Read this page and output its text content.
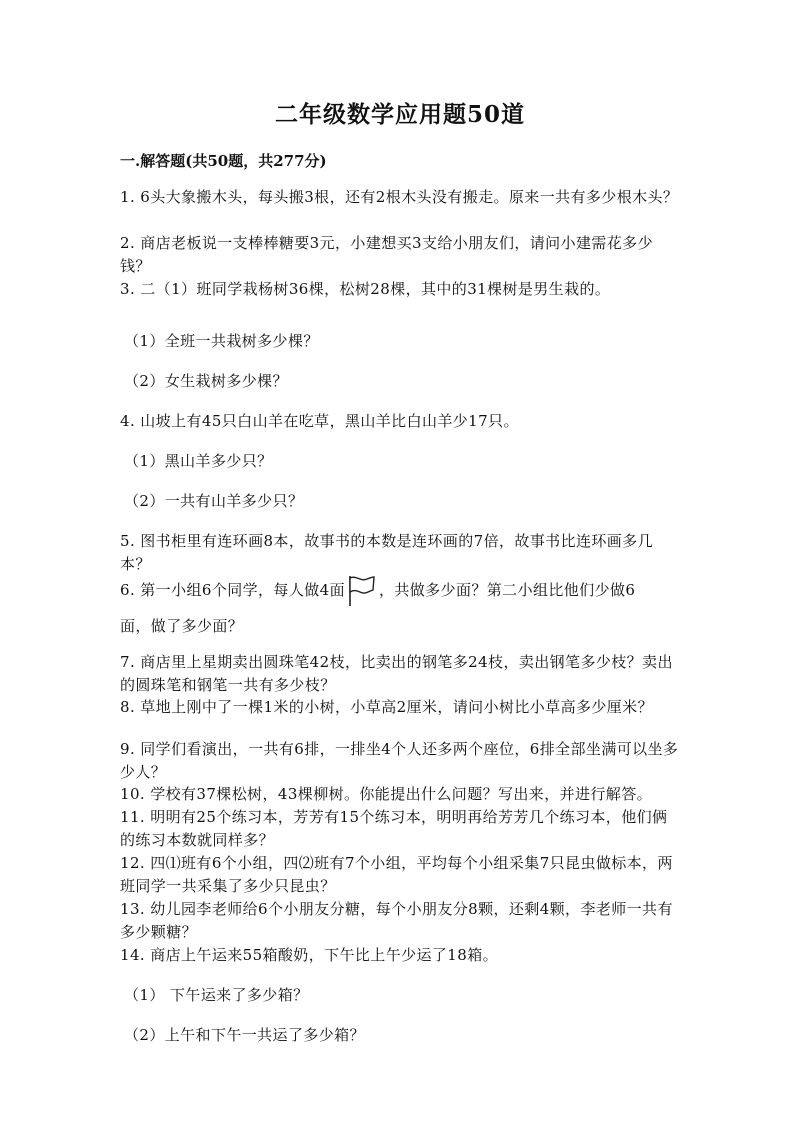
二年级数学应用题50道
一.解答题(共50题，共277分)
1. 6头大象搬木头，每头搬3根，还有2根木头没有搬走。原来一共有多少根木头？
2. 商店老板说一支棒棒糖要3元，小建想买3支给小朋友们，请问小建需花多少钱？
3. 二（1）班同学栽杨树36棵，松树28棵，其中的31棵树是男生栽的。
（1）全班一共栽树多少棵？
（2）女生栽树多少棵？
4. 山坡上有45只白山羊在吃草，黑山羊比白山羊少17只。
（1）黑山羊多少只？
（2）一共有山羊多少只？
5. 图书柜里有连环画8本，故事书的本数是连环画的7倍，故事书比连环画多几本？
6. 第一小组6个同学，每人做4面 ，共做多少面？第二小组比他们少做6
面，做了多少面？
7. 商店里上星期卖出圆珠笔42枝，比卖出的钢笔多24枝，卖出钢笔多少枝？卖出的圆珠笔和钢笔一共有多少枝？
8. 草地上刚中了一棵1米的小树，小草高2厘米，请问小树比小草高多少厘米？
9. 同学们看演出，一共有6排，一排坐4个人还多两个座位，6排全部坐满可以坐多少人？
10. 学校有37棵松树，43棵柳树。你能提出什么问题？写出来，并进行解答。
11. 明明有25个练习本，芳芳有15个练习本，明明再给芳芳几个练习本，他们俩的练习本数就同样多？
12. 四⑴班有6个小组，四⑵班有7个小组，平均每个小组采集7只昆虫做标本，两班同学一共采集了多少只昆虫？
13. 幼儿园李老师给6个小朋友分糖，每个小朋友分8颗，还剩4颗，李老师一共有多少颗糖？
14. 商店上午运来55箱酸奶，下午比上午少运了18箱。
（1） 下午运来了多少箱？
（2）上午和下午一共运了多少箱？
